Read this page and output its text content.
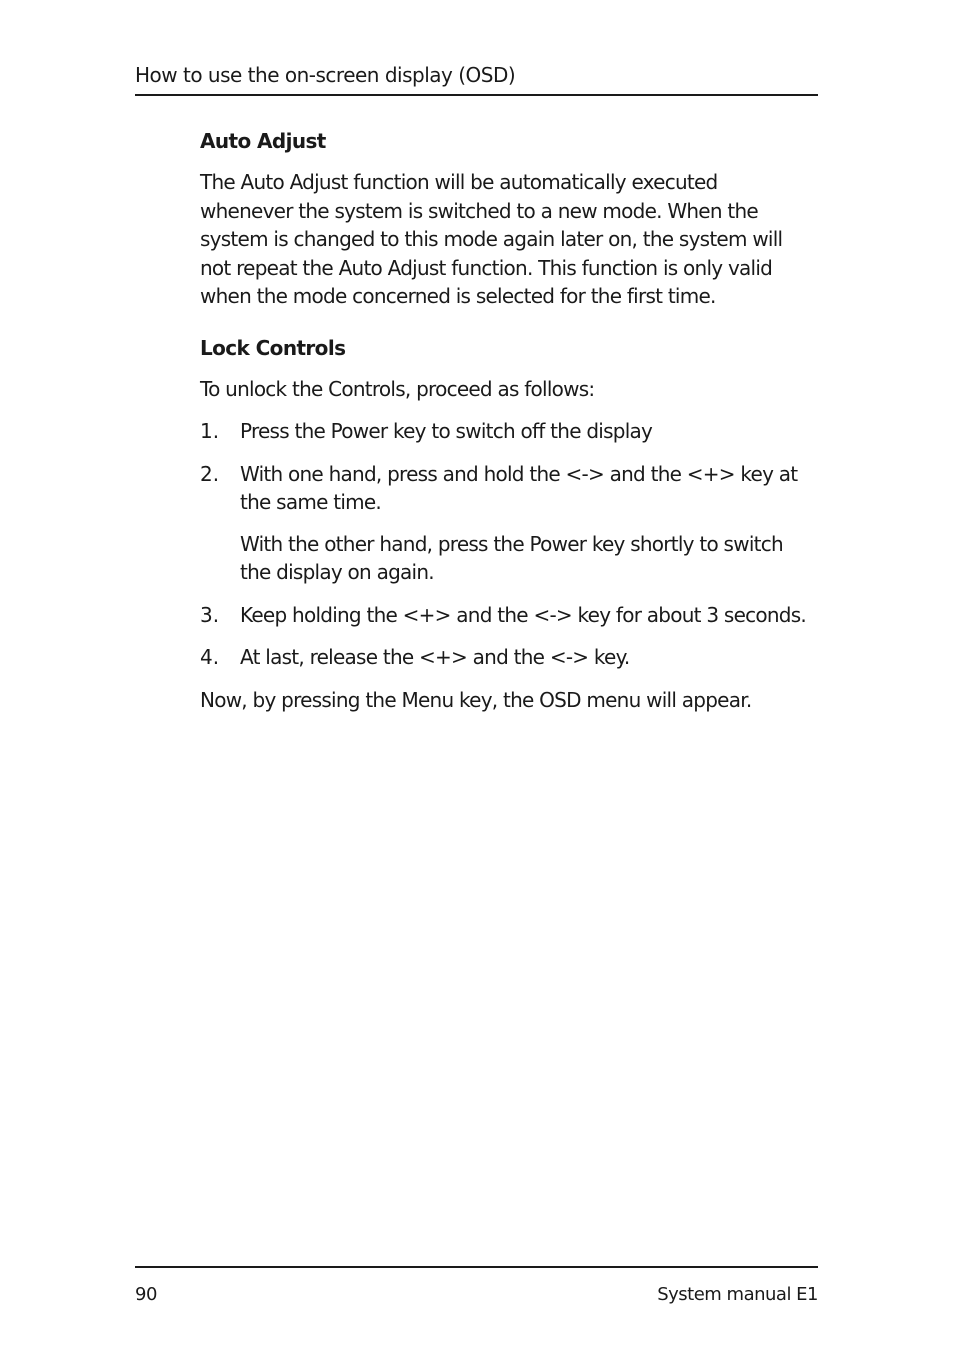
How to use the on-screen display (OSD)
Auto Adjust

The Auto Adjust function will be automatically executed whenever the system is switched to a new mode. When the system is changed to this mode again later on, the system will not repeat the Auto Adjust function. This function is only valid when the mode concerned is selected for the first time.

Lock Controls

To unlock the Controls, proceed as follows:

1. Press the Power key to switch off the display
2. With one hand, press and hold the <-> and the <+> key at the same time.
With the other hand, press the Power key shortly to switch the display on again.
3. Keep holding the <+> and the <-> key for about 3 seconds.
4. At last, release the <+> and the <-> key.

Now, by pressing the Menu key, the OSD menu will appear.

90	System manual E1
